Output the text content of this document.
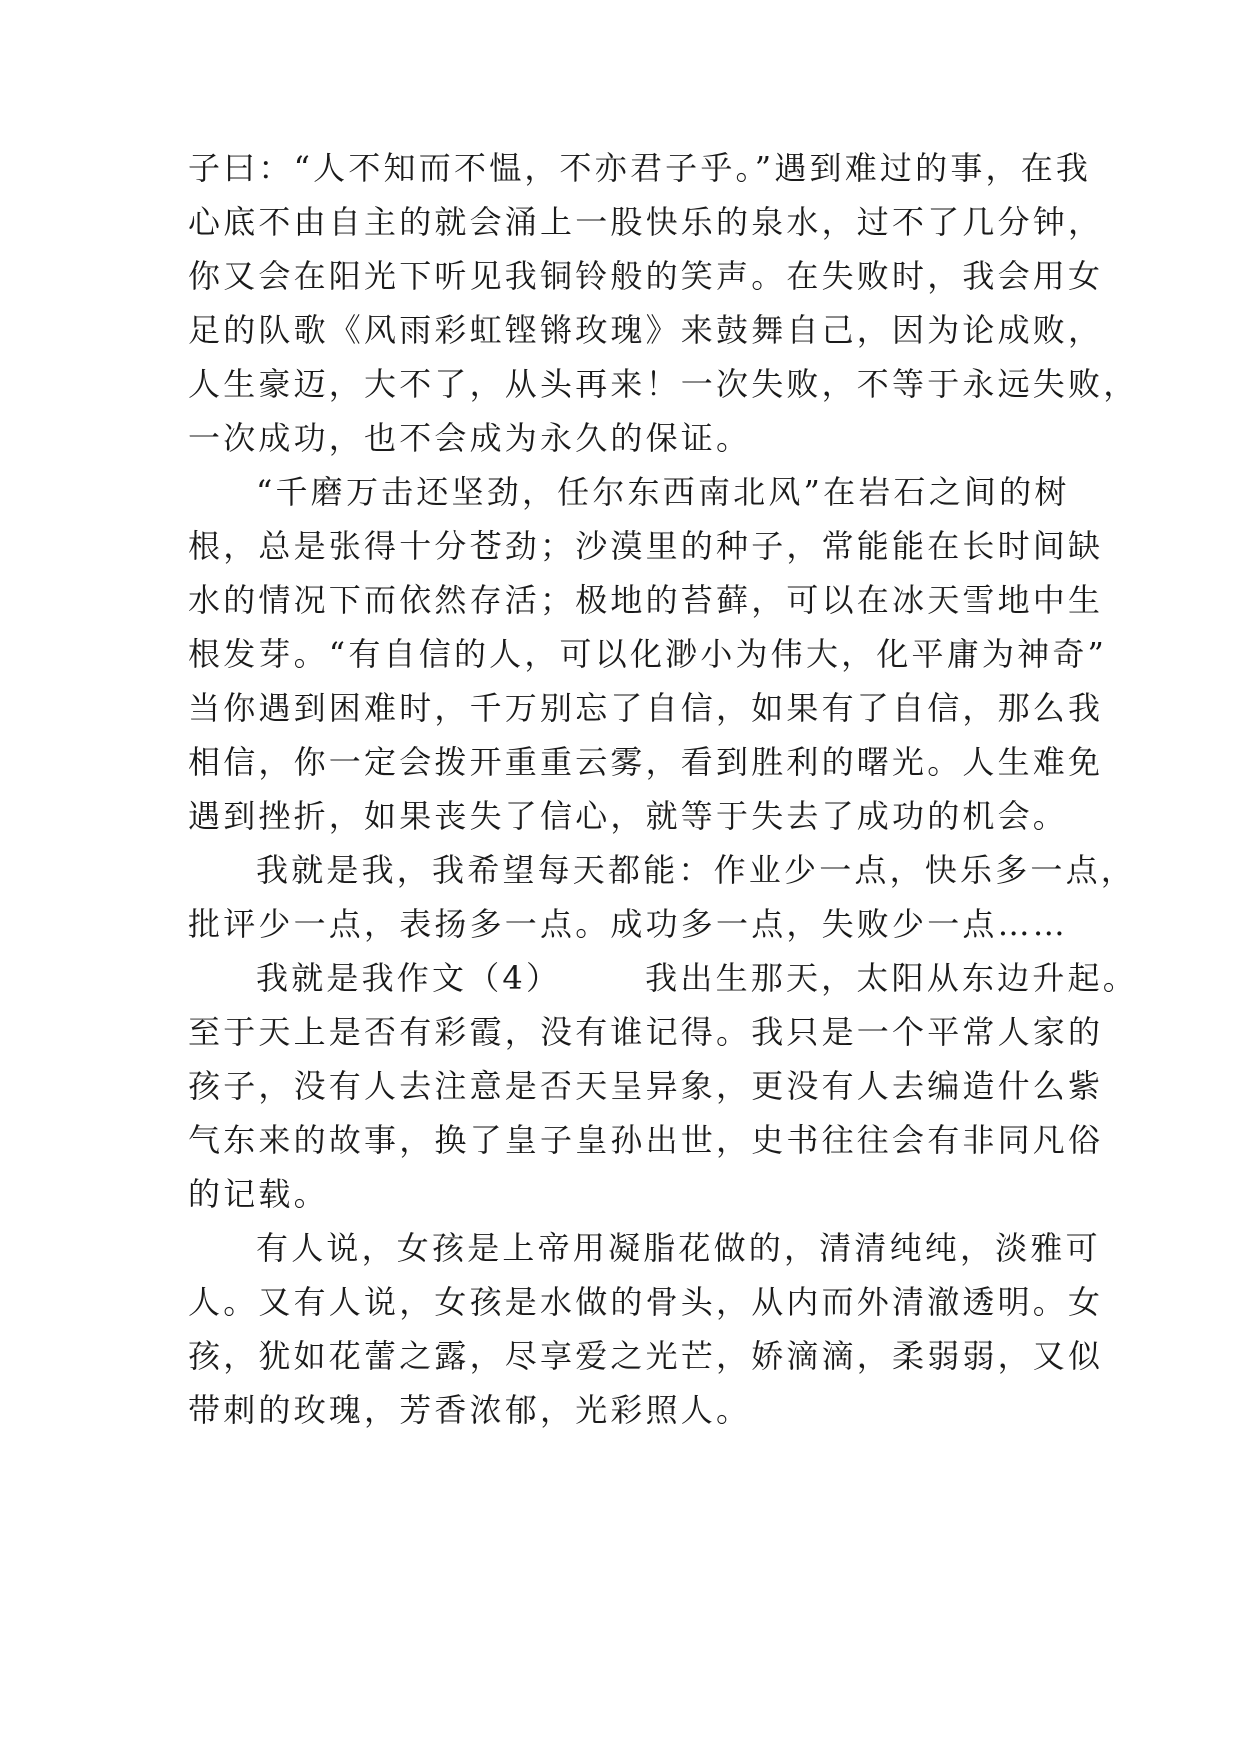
子曰：“人不知而不愠，不亦君子乎。”遇到难过的事，在我
心底不由自主的就会涌上一股快乐的泉水，过不了几分钟，
你又会在阳光下听见我铜铃般的笑声。在失败时，我会用女
足的队歌《风雨彩虹铿锵玫瑰》来鼓舞自己，因为论成败，
人生豪迈，大不了，从头再来！一次失败，不等于永远失败，
一次成功，也不会成为永久的保证。
“千磨万击还坚劲，任尔东西南北风”在岩石之间的树
根，总是张得十分苍劲；沙漠里的种子，常能能在长时间缺
水的情况下而依然存活；极地的苔藓，可以在冰天雪地中生
根发芽。“有自信的人，可以化渺小为伟大，化平庸为神奇”
当你遇到困难时，千万别忘了自信，如果有了自信，那么我
相信，你一定会拨开重重云雾，看到胜利的曙光。人生难免
遇到挫折，如果丧失了信心，就等于失去了成功的机会。
我就是我，我希望每天都能：作业少一点，快乐多一点，
批评少一点，表扬多一点。成功多一点，失败少一点……
我就是我作文（4）	我出生那天，太阳从东边升起。
至于天上是否有彩霞，没有谁记得。我只是一个平常人家的
孩子，没有人去注意是否天呈异象，更没有人去编造什么紫
气东来的故事，换了皇子皇孙出世，史书往往会有非同凡俗
的记载。
有人说，女孩是上帝用凝脂花做的，清清纯纯，淡雅可
人。又有人说，女孩是水做的骨头，从内而外清澈透明。女
孩，犹如花蕾之露，尽享爱之光芒，娇滴滴，柔弱弱，又似
带刺的玫瑰，芳香浓郁，光彩照人。
